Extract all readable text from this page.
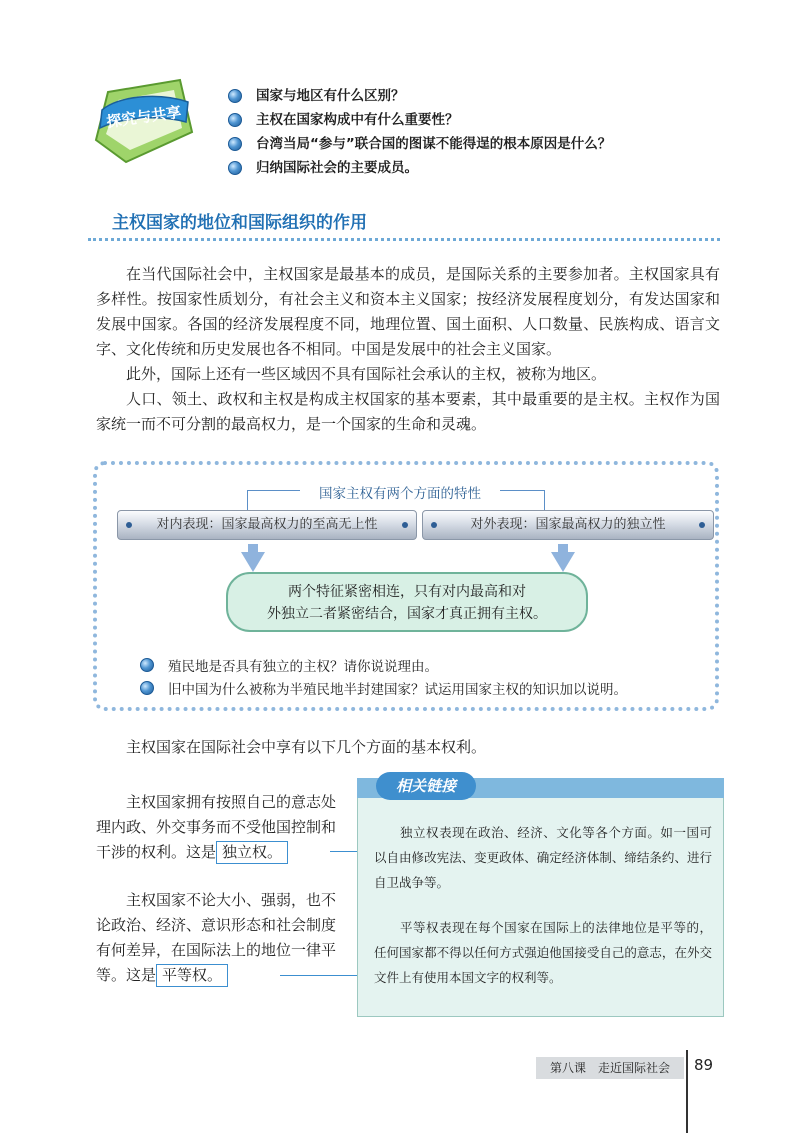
探究与共享
国家与地区有什么区别？
主权在国家构成中有什么重要性？
台湾当局“参与”联合国的图谋不能得逞的根本原因是什么？
归纳国际社会的主要成员。
主权国家的地位和国际组织的作用

在当代国际社会中，主权国家是最基本的成员，是国际关系的主要参加者。主权国家具有多样性。按国家性质划分，有社会主义和资本主义国家；按经济发展程度划分，有发达国家和发展中国家。各国的经济发展程度不同，地理位置、国土面积、人口数量、民族构成、语言文字、文化传统和历史发展也各不相同。中国是发展中的社会主义国家。

此外，国际上还有一些区域因不具有国际社会承认的主权，被称为地区。

人口、领土、政权和主权是构成主权国家的基本要素，其中最重要的是主权。主权作为国家统一而不可分割的最高权力，是一个国家的生命和灵魂。

国家主权有两个方面的特性
对内表现：国家最高权力的至高无上性	对外表现：国家最高权力的独立性
两个特征紧密相连，只有对内最高和对
外独立二者紧密结合，国家才真正拥有主权。
殖民地是否具有独立的主权？请你说说理由。
旧中国为什么被称为半殖民地半封建国家？试运用国家主权的知识加以说明。

主权国家在国际社会中享有以下几个方面的基本权利。

主权国家拥有按照自己的意志处理内政、外交事务而不受他国控制和干涉的权利。这是 独立权。

主权国家不论大小、强弱，也不论政治、经济、意识形态和社会制度有何差异，在国际法上的地位一律平等。这是 平等权。

相关链接

独立权表现在政治、经济、文化等各个方面。如一国可以自由修改宪法、变更政体、确定经济体制、缔结条约、进行自卫战争等。

平等权表现在每个国家在国际上的法律地位是平等的，任何国家都不得以任何方式强迫他国接受自己的意志，在外交文件上有使用本国文字的权利等。

第八课　走近国际社会	89
